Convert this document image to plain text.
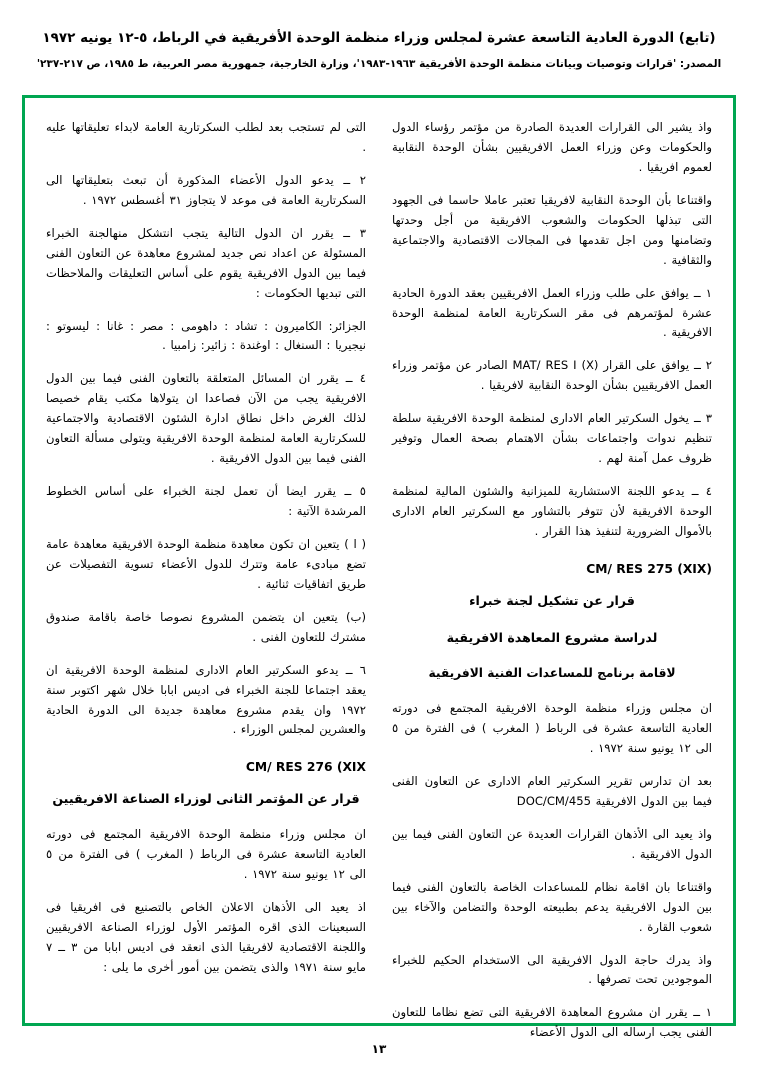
(تابع) الدورة العادية التاسعة عشرة لمجلس وزراء منظمة الوحدة الأفريقية في الرباط، ٥-١٢ يونيه ١٩٧٢
المصدر: 'قرارات وتوصيات وبيانات منظمة الوحدة الأفريقية ١٩٦٣-١٩٨٣'، وزارة الخارجية، جمهورية مصر العربية، ط ١٩٨٥، ص ٢١٧-٢٣٧'

واذ يشير الى القرارات العديدة الصادرة من مؤتمر رؤساء الدول والحكومات وعن وزراء العمل الافريقيين بشأن الوحدة النقابية لعموم افريقيا .

واقتناعا بأن الوحدة النقابية لافريقيا تعتبر عاملا حاسما فى الجهود التى تبذلها الحكومات والشعوب الافريقية من أجل وحدتها وتضامنها ومن اجل تقدمها فى المجالات الاقتصادية والاجتماعية والثقافية .

١ ــ يوافق على طلب وزراء العمل الافريقيين بعقد الدورة الحادية عشرة لمؤتمرهم فى مقر السكرتارية العامة لمنظمة الوحدة الافريقية .

٢ ــ يوافق على القرار MAT/ RES I (X) الصادر عن مؤتمر وزراء العمل الافريقيين بشأن الوحدة النقابية لافريقيا .

٣ ــ يخول السكرتير العام الادارى لمنظمة الوحدة الافريقية سلطة تنظيم ندوات واجتماعات بشأن الاهتمام بصحة العمال وتوفير ظروف عمل آمنة لهم .

٤ ــ يدعو اللجنة الاستشارية للميزانية والشئون المالية لمنظمة الوحدة الافريقية لأن تتوفر بالتشاور مع السكرتير العام الادارى بالأموال الضرورية لتنفيذ هذا القرار .

CM/ RES 275 (XIX)
قرار عن تشكيل لجنة خبراء
لدراسة مشروع المعاهدة الافريقية
لاقامة برنامج للمساعدات الفنية الافريقية

ان مجلس وزراء منظمة الوحدة الافريقية المجتمع فى دورته العادية التاسعة عشرة فى الرباط ( المغرب ) فى الفترة من ٥ الى ١٢ يونيو سنة ١٩٧٢ .

بعد ان تدارس تقرير السكرتير العام الادارى عن التعاون الفنى فيما بين الدول الافريقية DOC/CM/455

واذ يعيد الى الأذهان القرارات العديدة عن التعاون الفنى فيما بين الدول الافريقية .

واقتناعا بان اقامة نظام للمساعدات الخاصة بالتعاون الفنى فيما بين الدول الافريقية يدعم بطبيعته الوحدة والتضامن والآخاء بين شعوب القارة .

واذ يدرك حاجة الدول الافريقية الى الاستخدام الحكيم للخبراء الموجودين تحت تصرفها .

١ ــ يقرر ان مشروع المعاهدة الافريقية التى تضع نظاما للتعاون الفنى يجب ارساله الى الدول الأعضاء

التى لم تستجب بعد لطلب السكرتارية العامة لابداء تعليقاتها عليه .

٢ ــ يدعو الدول الأعضاء المذكورة أن تبعث بتعليقاتها الى السكرتارية العامة فى موعد لا يتجاوز ٣١ أغسطس ١٩٧٢ .

٣ ــ يقرر ان الدول التالية يتجب انتشكل منهالجنة الخبراء المسئولة عن اعداد نص جديد لمشروع معاهدة عن التعاون الفنى فيما بين الدول الافريقية يقوم على أساس التعليقات والملاحظات التى تبديها الحكومات :

الجزائر: الكاميرون : تشاد : داهومى : مصر : غانا : ليسوتو : نيجيريا : السنغال : اوغندة : زائير: زامبيا .

٤ ــ يقرر ان المسائل المتعلقة بالتعاون الفنى فيما بين الدول الافريقية يجب من الآن فصاعدا ان يتولاها مكتب يقام خصيصا لذلك الغرض داخل نطاق ادارة الشئون الاقتصادية والاجتماعية للسكرتارية العامة لمنظمة الوحدة الافريقية ويتولى مسألة التعاون الفنى فيما بين الدول الافريقية .

٥ ــ يقرر ايضا أن تعمل لجنة الخبراء على أساس الخطوط المرشدة الآتية :

( ا ) يتعين ان تكون معاهدة منظمة الوحدة الافريقية معاهدة عامة تضع مبادىء عامة وتترك للدول الأعضاء تسوية التفصيلات عن طريق اتفاقيات ثنائية .

(ب) يتعين ان يتضمن المشروع نصوصا خاصة باقامة صندوق مشترك للتعاون الفنى .

٦ ــ يدعو السكرتير العام الادارى لمنظمة الوحدة الافريقية ان يعقد اجتماعا للجنة الخبراء فى اديس ابابا خلال شهر اكتوبر سنة ١٩٧٢ وان يقدم مشروع معاهدة جديدة الى الدورة الحادية والعشرين لمجلس الوزراء .

CM/ RES 276 (XIX
قرار عن المؤتمر الثانى لوزراء الصناعة الافريقيين

ان مجلس وزراء منظمة الوحدة الافريقية المجتمع فى دورته العادية التاسعة عشرة فى الرباط ( المغرب ) فى الفترة من ٥ الى ١٢ يونيو سنة ١٩٧٢ .

اذ يعيد الى الأذهان الاعلان الخاص بالتصنيع فى افريقيا فى السبعينات الذى اقره المؤتمر الأول لوزراء الصناعة الافريقيين واللجنة الاقتصادية لافريقيا الذى انعقد فى اديس ابابا من ٣ ــ ٧ مايو سنة ١٩٧١ والذى يتضمن بين أمور أخرى ما يلى :

١٣
